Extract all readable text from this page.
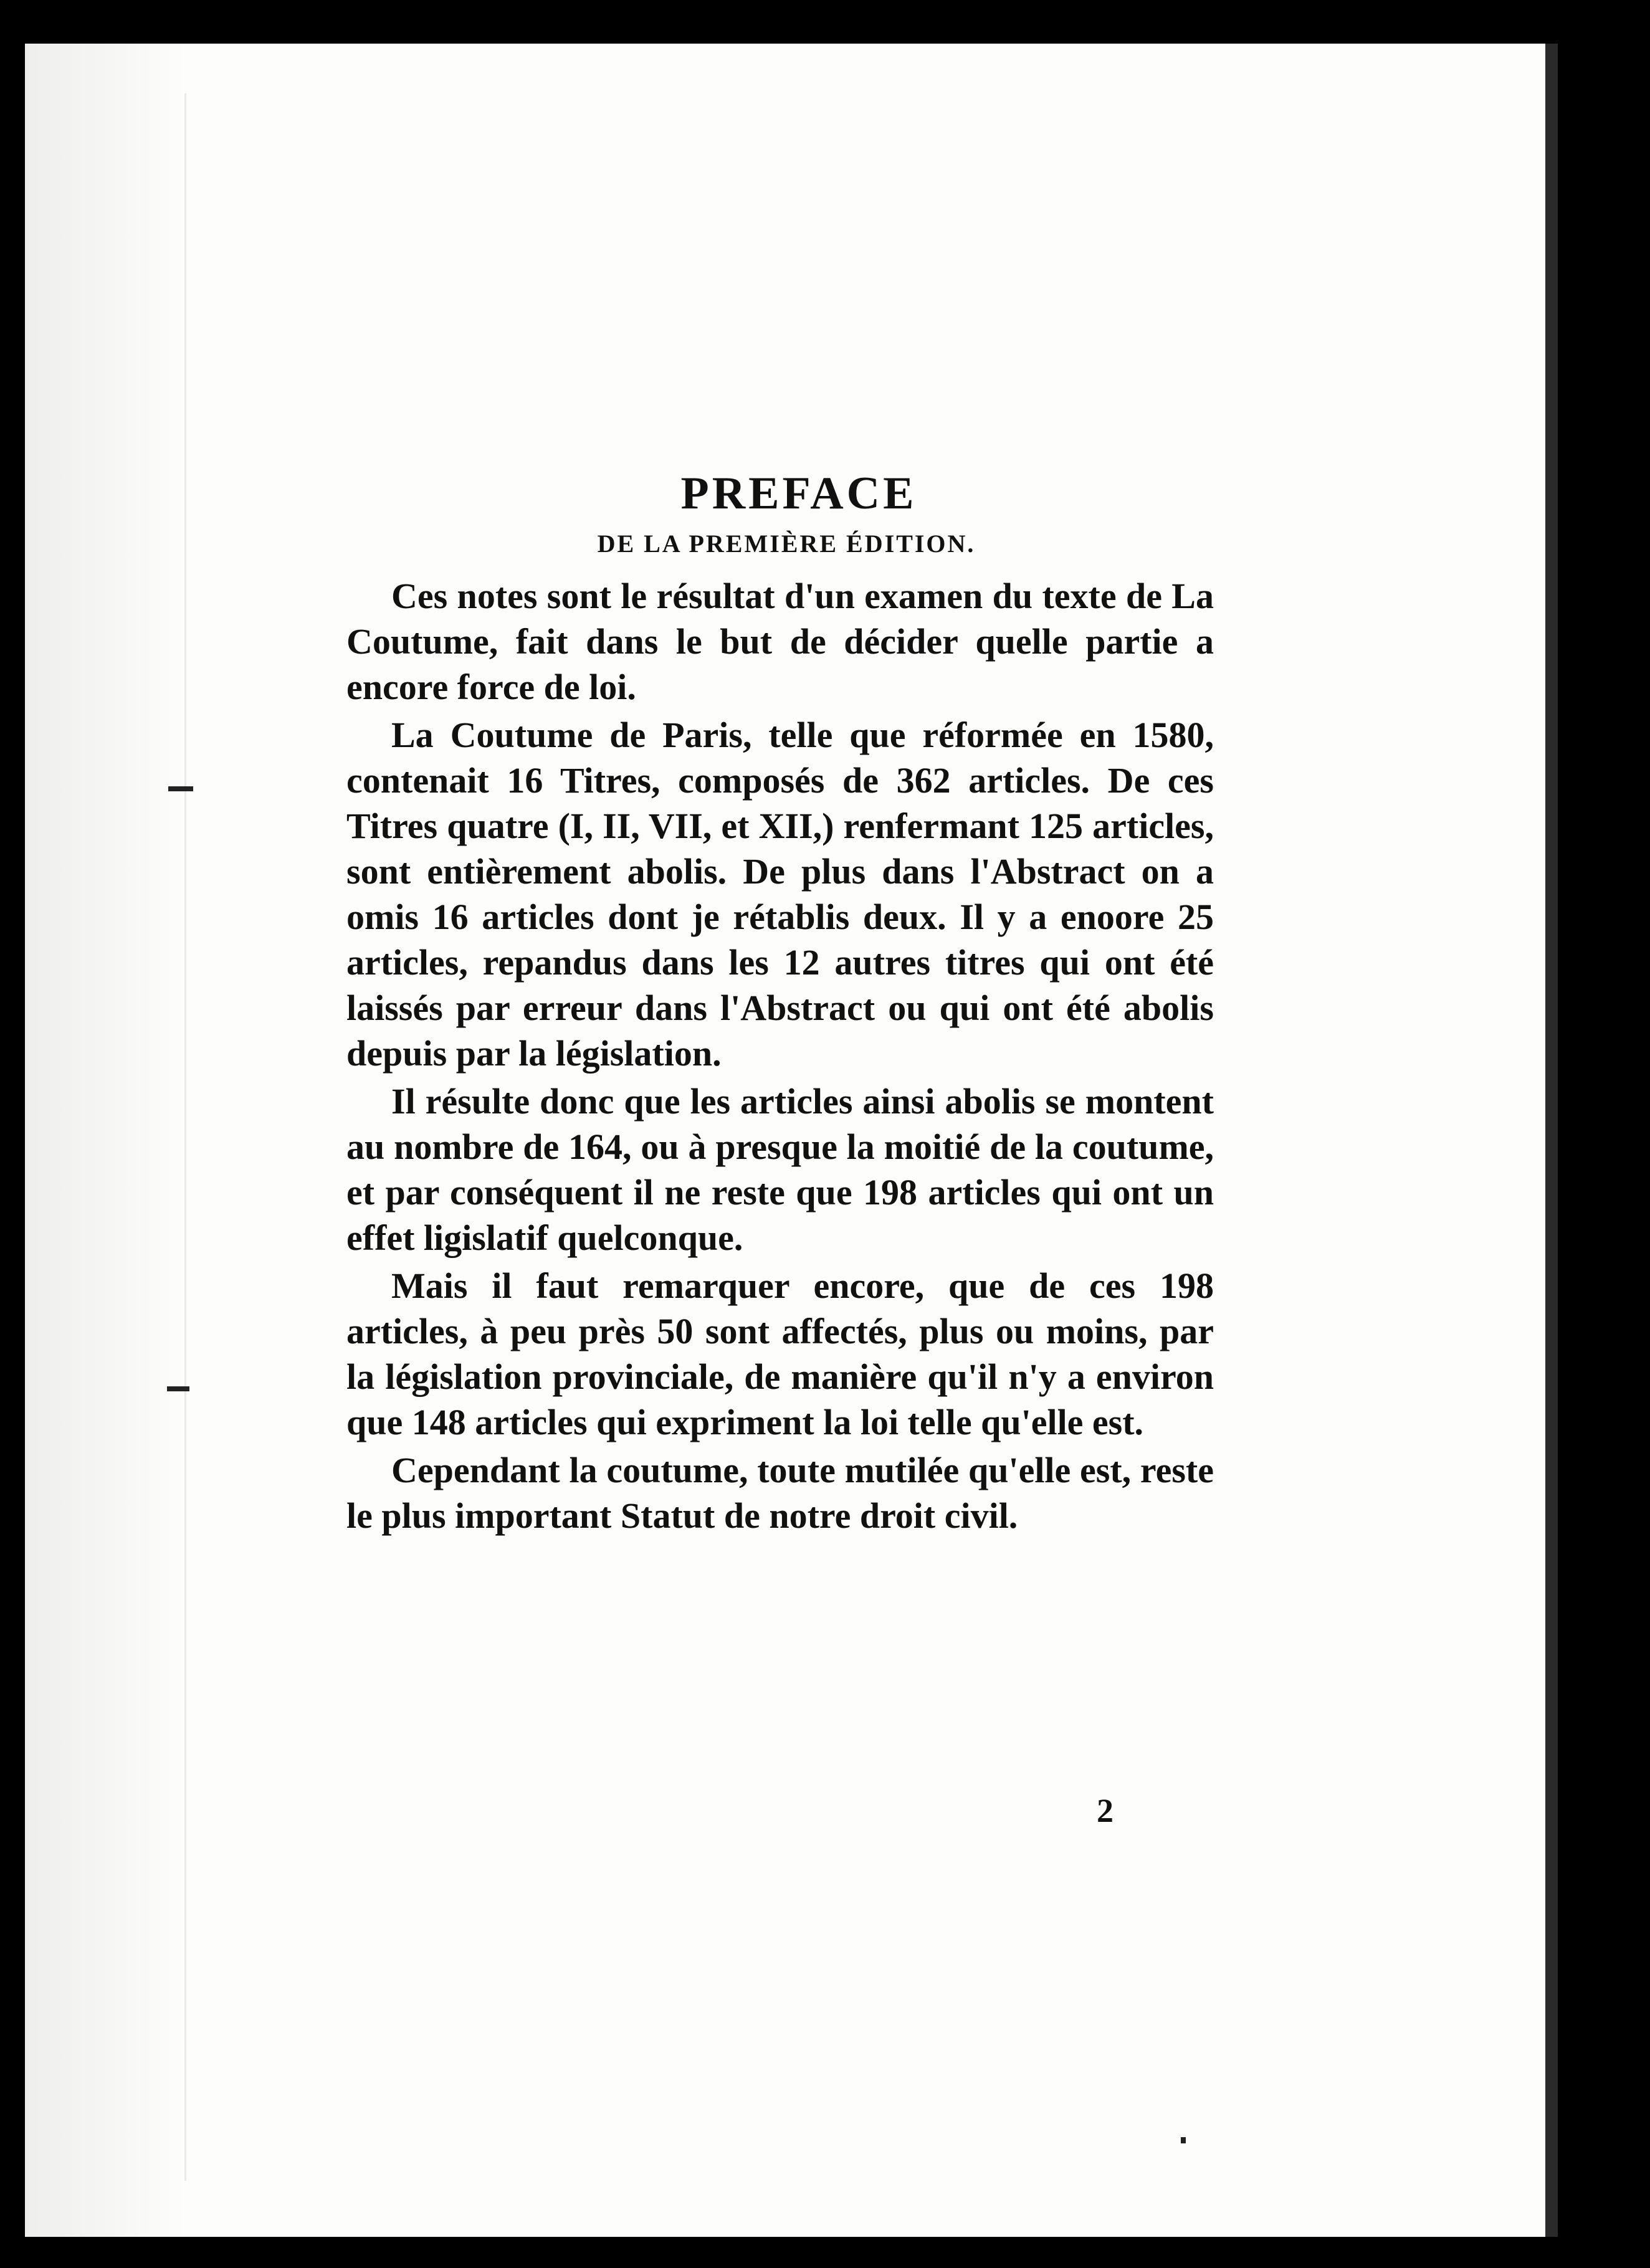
PREFACE
DE LA PREMIÈRE ÉDITION.

Ces notes sont le résultat d'un examen du texte de La Coutume, fait dans le but de décider quelle partie a encore force de loi.

La Coutume de Paris, telle que réformée en 1580, contenait 16 Titres, composés de 362 articles. De ces Titres quatre (I, II, VII, et XII,) renfermant 125 articles, sont entièrement abolis. De plus dans l'Abstract on a omis 16 articles dont je rétablis deux. Il y a enoore 25 articles, repandus dans les 12 autres titres qui ont été laissés par erreur dans l'Abstract ou qui ont été abolis depuis par la législation.

Il résulte donc que les articles ainsi abolis se montent au nombre de 164, ou à presque la moitié de la coutume, et par conséquent il ne reste que 198 articles qui ont un effet ligislatif quelconque.

Mais il faut remarquer encore, que de ces 198 articles, à peu près 50 sont affectés, plus ou moins, par la législation provinciale, de manière qu'il n'y a environ que 148 articles qui expriment la loi telle qu'elle est.

Cependant la coutume, toute mutilée qu'elle est, reste le plus important Statut de notre droit civil.

2
